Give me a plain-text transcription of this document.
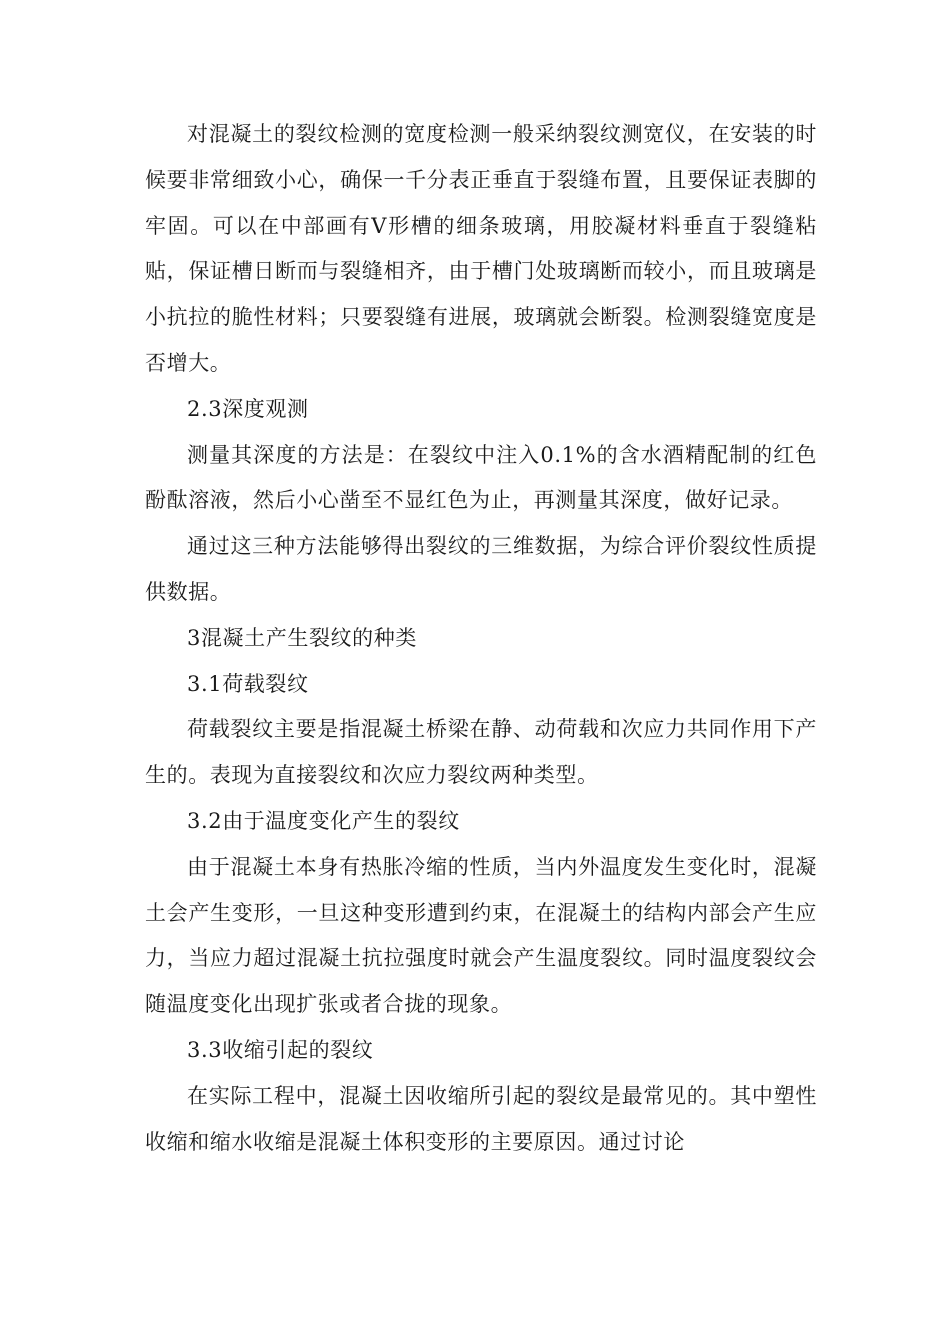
对混凝土的裂纹检测的宽度检测一般采纳裂纹测宽仪，在安装的时候要非常细致小心，确保一千分表正垂直于裂缝布置，且要保证表脚的牢固。可以在中部画有V形槽的细条玻璃，用胶凝材料垂直于裂缝粘贴，保证槽日断而与裂缝相齐，由于槽门处玻璃断而较小，而且玻璃是小抗拉的脆性材料；只要裂缝有进展，玻璃就会断裂。检测裂缝宽度是否增大。

2.3深度观测

测量其深度的方法是：在裂纹中注入0.1%的含水酒精配制的红色酚酞溶液，然后小心凿至不显红色为止，再测量其深度，做好记录。

通过这三种方法能够得出裂纹的三维数据，为综合评价裂纹性质提供数据。

3混凝土产生裂纹的种类

3.1荷载裂纹

荷载裂纹主要是指混凝土桥梁在静、动荷载和次应力共同作用下产生的。表现为直接裂纹和次应力裂纹两种类型。

3.2由于温度变化产生的裂纹

由于混凝土本身有热胀冷缩的性质，当内外温度发生变化时，混凝土会产生变形，一旦这种变形遭到约束，在混凝土的结构内部会产生应力，当应力超过混凝土抗拉强度时就会产生温度裂纹。同时温度裂纹会随温度变化出现扩张或者合拢的现象。

3.3收缩引起的裂纹

在实际工程中，混凝土因收缩所引起的裂纹是最常见的。其中塑性收缩和缩水收缩是混凝土体积变形的主要原因。通过讨论
